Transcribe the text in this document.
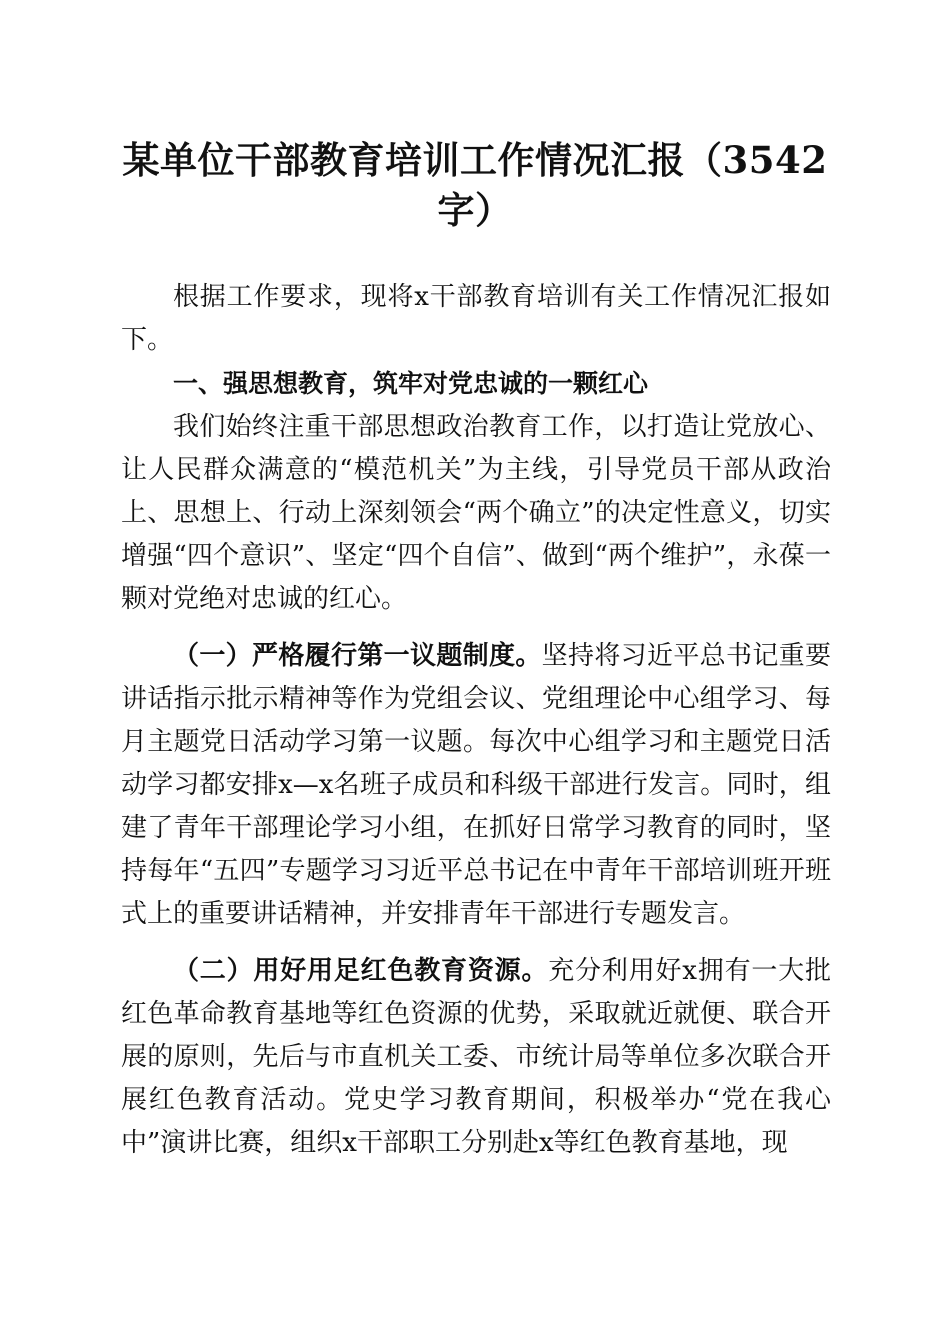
某单位干部教育培训工作情况汇报（3542字）

根据工作要求，现将x干部教育培训有关工作情况汇报如下。

一、强思想教育，筑牢对党忠诚的一颗红心

我们始终注重干部思想政治教育工作，以打造让党放心、让人民群众满意的“模范机关”为主线，引导党员干部从政治上、思想上、行动上深刻领会“两个确立”的决定性意义，切实增强“四个意识”、坚定“四个自信”、做到“两个维护”，永葆一颗对党绝对忠诚的红心。

（一）严格履行第一议题制度。坚持将习近平总书记重要讲话指示批示精神等作为党组会议、党组理论中心组学习、每月主题党日活动学习第一议题。每次中心组学习和主题党日活动学习都安排x—x名班子成员和科级干部进行发言。同时，组建了青年干部理论学习小组，在抓好日常学习教育的同时，坚持每年“五四”专题学习习近平总书记在中青年干部培训班开班式上的重要讲话精神，并安排青年干部进行专题发言。

（二）用好用足红色教育资源。充分利用好x拥有一大批红色革命教育基地等红色资源的优势，采取就近就便、联合开展的原则，先后与市直机关工委、市统计局等单位多次联合开展红色教育活动。党史学习教育期间，积极举办“党在我心中”演讲比赛，组织x干部职工分别赴x等红色教育基地，现
